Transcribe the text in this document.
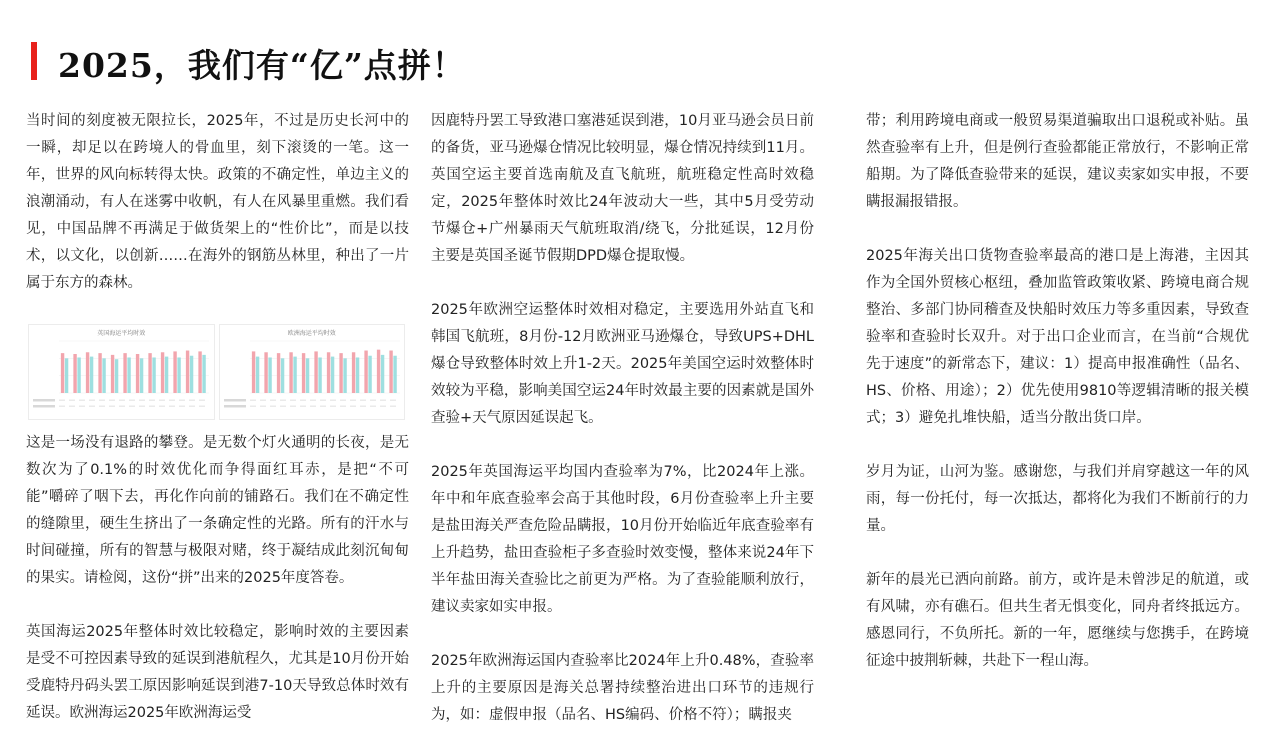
2025，我们有“亿”点拼！

当时间的刻度被无限拉长，2025年，不过是历史长河中的一瞬，却足以在跨境人的骨血里，刻下滚烫的一笔。这一年，世界的风向标转得太快。政策的不确定性，单边主义的浪潮涌动，有人在迷雾中收帆，有人在风暴里重燃。我们看见，中国品牌不再满足于做货架上的“性价比”，而是以技术，以文化，以创新……在海外的钢筋丛林里，种出了一片属于东方的森林。

英国海运平均时效	欧洲海运平均时效

这是一场没有退路的攀登。是无数个灯火通明的长夜，是无数次为了0.1%的时效优化而争得面红耳赤，是把“不可能”嚼碎了咽下去，再化作向前的铺路石。我们在不确定性的缝隙里，硬生生挤出了一条确定性的光路。所有的汗水与时间碰撞，所有的智慧与极限对赌，终于凝结成此刻沉甸甸的果实。请检阅，这份“拼”出来的2025年度答卷。

英国海运2025年整体时效比较稳定，影响时效的主要因素是受不可控因素导致的延误到港航程久，尤其是10月份开始受鹿特丹码头罢工原因影响延误到港7-10天导致总体时效有延误。欧洲海运2025年欧洲海运受

因鹿特丹罢工导致港口塞港延误到港，10月亚马逊会员日前的备货，亚马逊爆仓情况比较明显，爆仓情况持续到11月。英国空运主要首选南航及直飞航班，航班稳定性高时效稳定，2025年整体时效比24年波动大一些，其中5月受劳动节爆仓+广州暴雨天气航班取消/绕飞，分批延误，12月份主要是英国圣诞节假期DPD爆仓提取慢。

2025年欧洲空运整体时效相对稳定，主要选用外站直飞和韩国飞航班，8月份-12月欧洲亚马逊爆仓，导致UPS+DHL爆仓导致整体时效上升1-2天。2025年美国空运时效整体时效较为平稳，影响美国空运24年时效最主要的因素就是国外查验+天气原因延误起飞。

2025年英国海运平均国内查验率为7%，比2024年上涨。年中和年底查验率会高于其他时段，6月份查验率上升主要是盐田海关严查危险品瞒报，10月份开始临近年底查验率有上升趋势，盐田查验柜子多查验时效变慢，整体来说24年下半年盐田海关查验比之前更为严格。为了查验能顺利放行，建议卖家如实申报。

2025年欧洲海运国内查验率比2024年上升0.48%，查验率上升的主要原因是海关总署持续整治进出口环节的违规行为，如：虚假申报（品名、HS编码、价格不符）；瞒报夹

带；利用跨境电商或一般贸易渠道骗取出口退税或补贴。虽然查验率有上升，但是例行查验都能正常放行，不影响正常船期。为了降低查验带来的延误，建议卖家如实申报，不要瞒报漏报错报。

2025年海关出口货物查验率最高的港口是上海港，主因其作为全国外贸核心枢纽，叠加监管政策收紧、跨境电商合规整治、多部门协同稽查及快船时效压力等多重因素，导致查验率和查验时长双升。对于出口企业而言，在当前“合规优先于速度”的新常态下，建议：1）提高申报准确性（品名、HS、价格、用途）；2）优先使用9810等逻辑清晰的报关模式；3）避免扎堆快船，适当分散出货口岸。

岁月为证，山河为鉴。感谢您，与我们并肩穿越这一年的风雨，每一份托付，每一次抵达，都将化为我们不断前行的力量。

新年的晨光已洒向前路。前方，或许是未曾涉足的航道，或有风啸，亦有礁石。但共生者无惧变化，同舟者终抵远方。感恩同行，不负所托。新的一年，愿继续与您携手，在跨境征途中披荆斩棘，共赴下一程山海。
